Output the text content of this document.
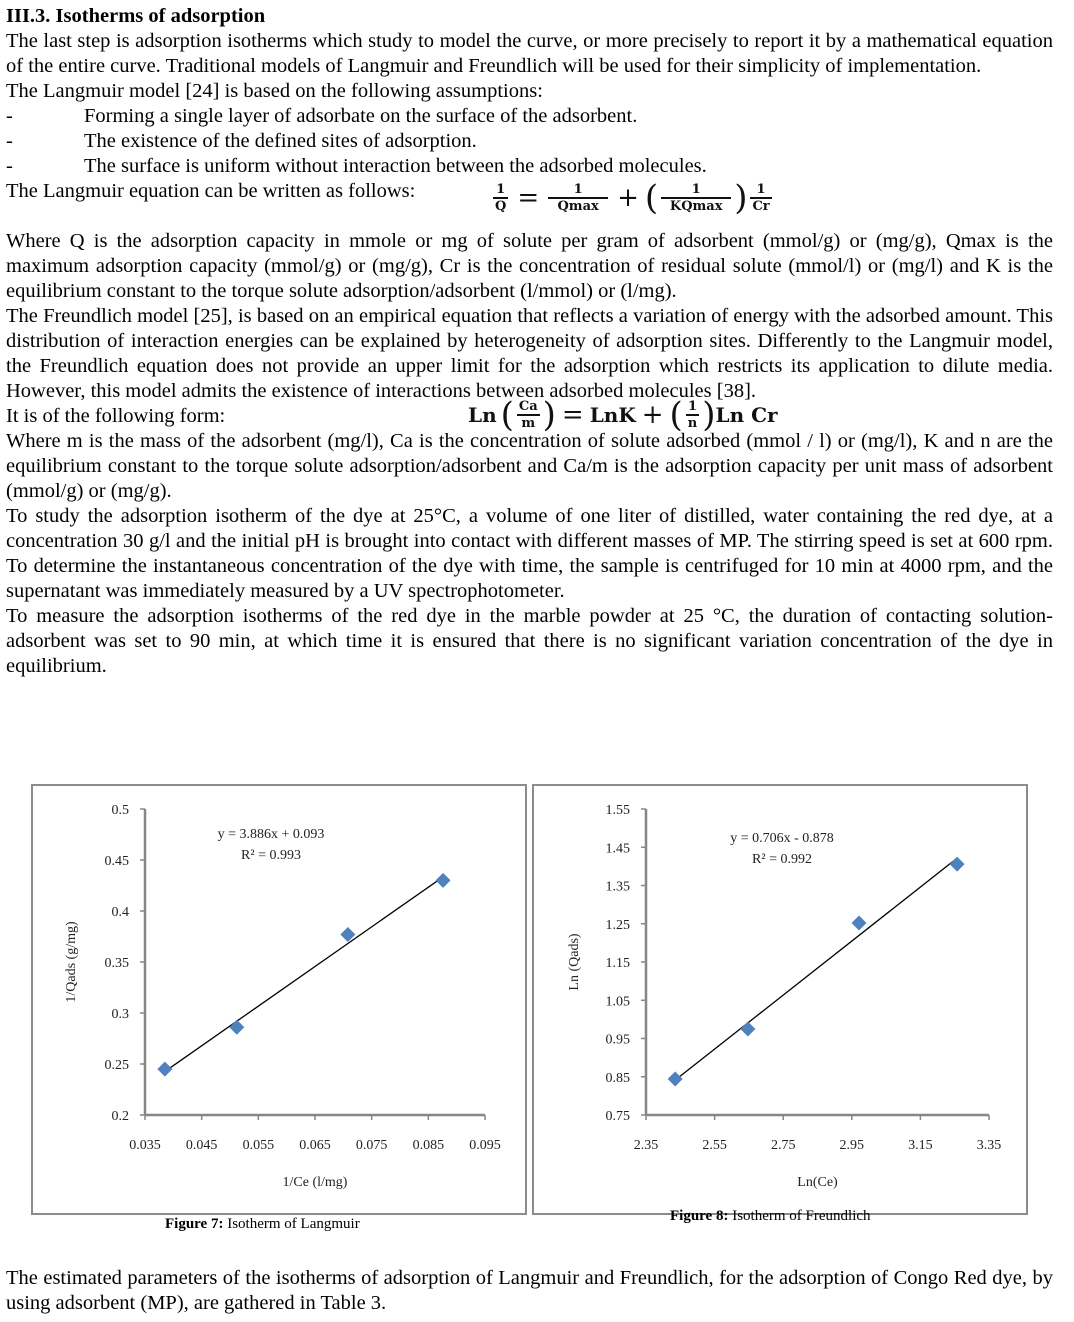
III.3. Isotherms of adsorption

The last step is adsorption isotherms which study to model the curve, or more precisely to report it by a mathematical equation of the entire curve. Traditional models of Langmuir and Freundlich will be used for their simplicity of implementation.

The Langmuir model [24] is based on the following assumptions:

-	Forming a single layer of adsorbate on the surface of the adsorbent.
-	The existence of the defined sites of adsorption.
-	The surface is uniform without interaction between the adsorbed molecules.
The Langmuir equation can be written as follows:	$\frac{1}{Q} = \frac{1}{Qmax}$ + ( $\frac{1}{KQmax}$ ) $\frac{1}{Cr}$

Where Q is the adsorption capacity in mmole or mg of solute per gram of adsorbent (mmol/g) or (mg/g), Qmax is the maximum adsorption capacity (mmol/g) or (mg/g), Cr is the concentration of residual solute (mmol/l) or (mg/l) and K is the equilibrium constant to the torque solute adsorption/adsorbent (l/mmol) or (l/mg).

The Freundlich model [25], is based on an empirical equation that reflects a variation of energy with the adsorbed amount. This distribution of interaction energies can be explained by heterogeneity of adsorption sites. Differently to the Langmuir model, the Freundlich equation does not provide an upper limit for the adsorption which restricts its application to dilute media. However, this model admits the existence of interactions between adsorbed molecules [38].

It is of the following form:	Ln ( $\frac{Ca}{m}$ ) = LnK + ( $\frac{1}{n}$ ) Ln Cr

Where m is the mass of the adsorbent (mg/l), Ca is the concentration of solute adsorbed (mmol / l) or (mg/l), K and n are the equilibrium constant to the torque solute adsorption/adsorbent and Ca/m is the adsorption capacity per unit mass of adsorbent (mmol/g) or (mg/g).

To study the adsorption isotherm of the dye at 25°C, a volume of one liter of distilled, water containing the red dye, at a concentration 30 g/l and the initial pH is brought into contact with different masses of MP. The stirring speed is set at 600 rpm. To determine the instantaneous concentration of the dye with time, the sample is centrifuged for 10 min at 4000 rpm, and the supernatant was immediately measured by a UV spectrophotometer.

To measure the adsorption isotherms of the red dye in the marble powder at 25 °C, the duration of contacting solution-adsorbent was set to 90 min, at which time it is ensured that there is no significant variation concentration of the dye in equilibrium.

0.2
0.25
0.3
0.35
0.4
0.45
0.5
0.035 0.045 0.055 0.065 0.075 0.085 0.095
1/Ce (l/mg)
1/Qads (g/mg)
y = 3.886x + 0.093
R² = 0.993
Figure 7: Isotherm of Langmuir
0.75
0.85
0.95
1.05
1.15
1.25
1.35
1.45
1.55
2.35	2.55	2.75	2.95	3.15	3.35
Ln(Ce)
Ln (Qads)
y = 0.706x - 0.878
R² = 0.992
Figure 8: Isotherm of Freundlich

The estimated parameters of the isotherms of adsorption of Langmuir and Freundlich, for the adsorption of Congo Red dye, by using adsorbent (MP), are gathered in Table 3.
